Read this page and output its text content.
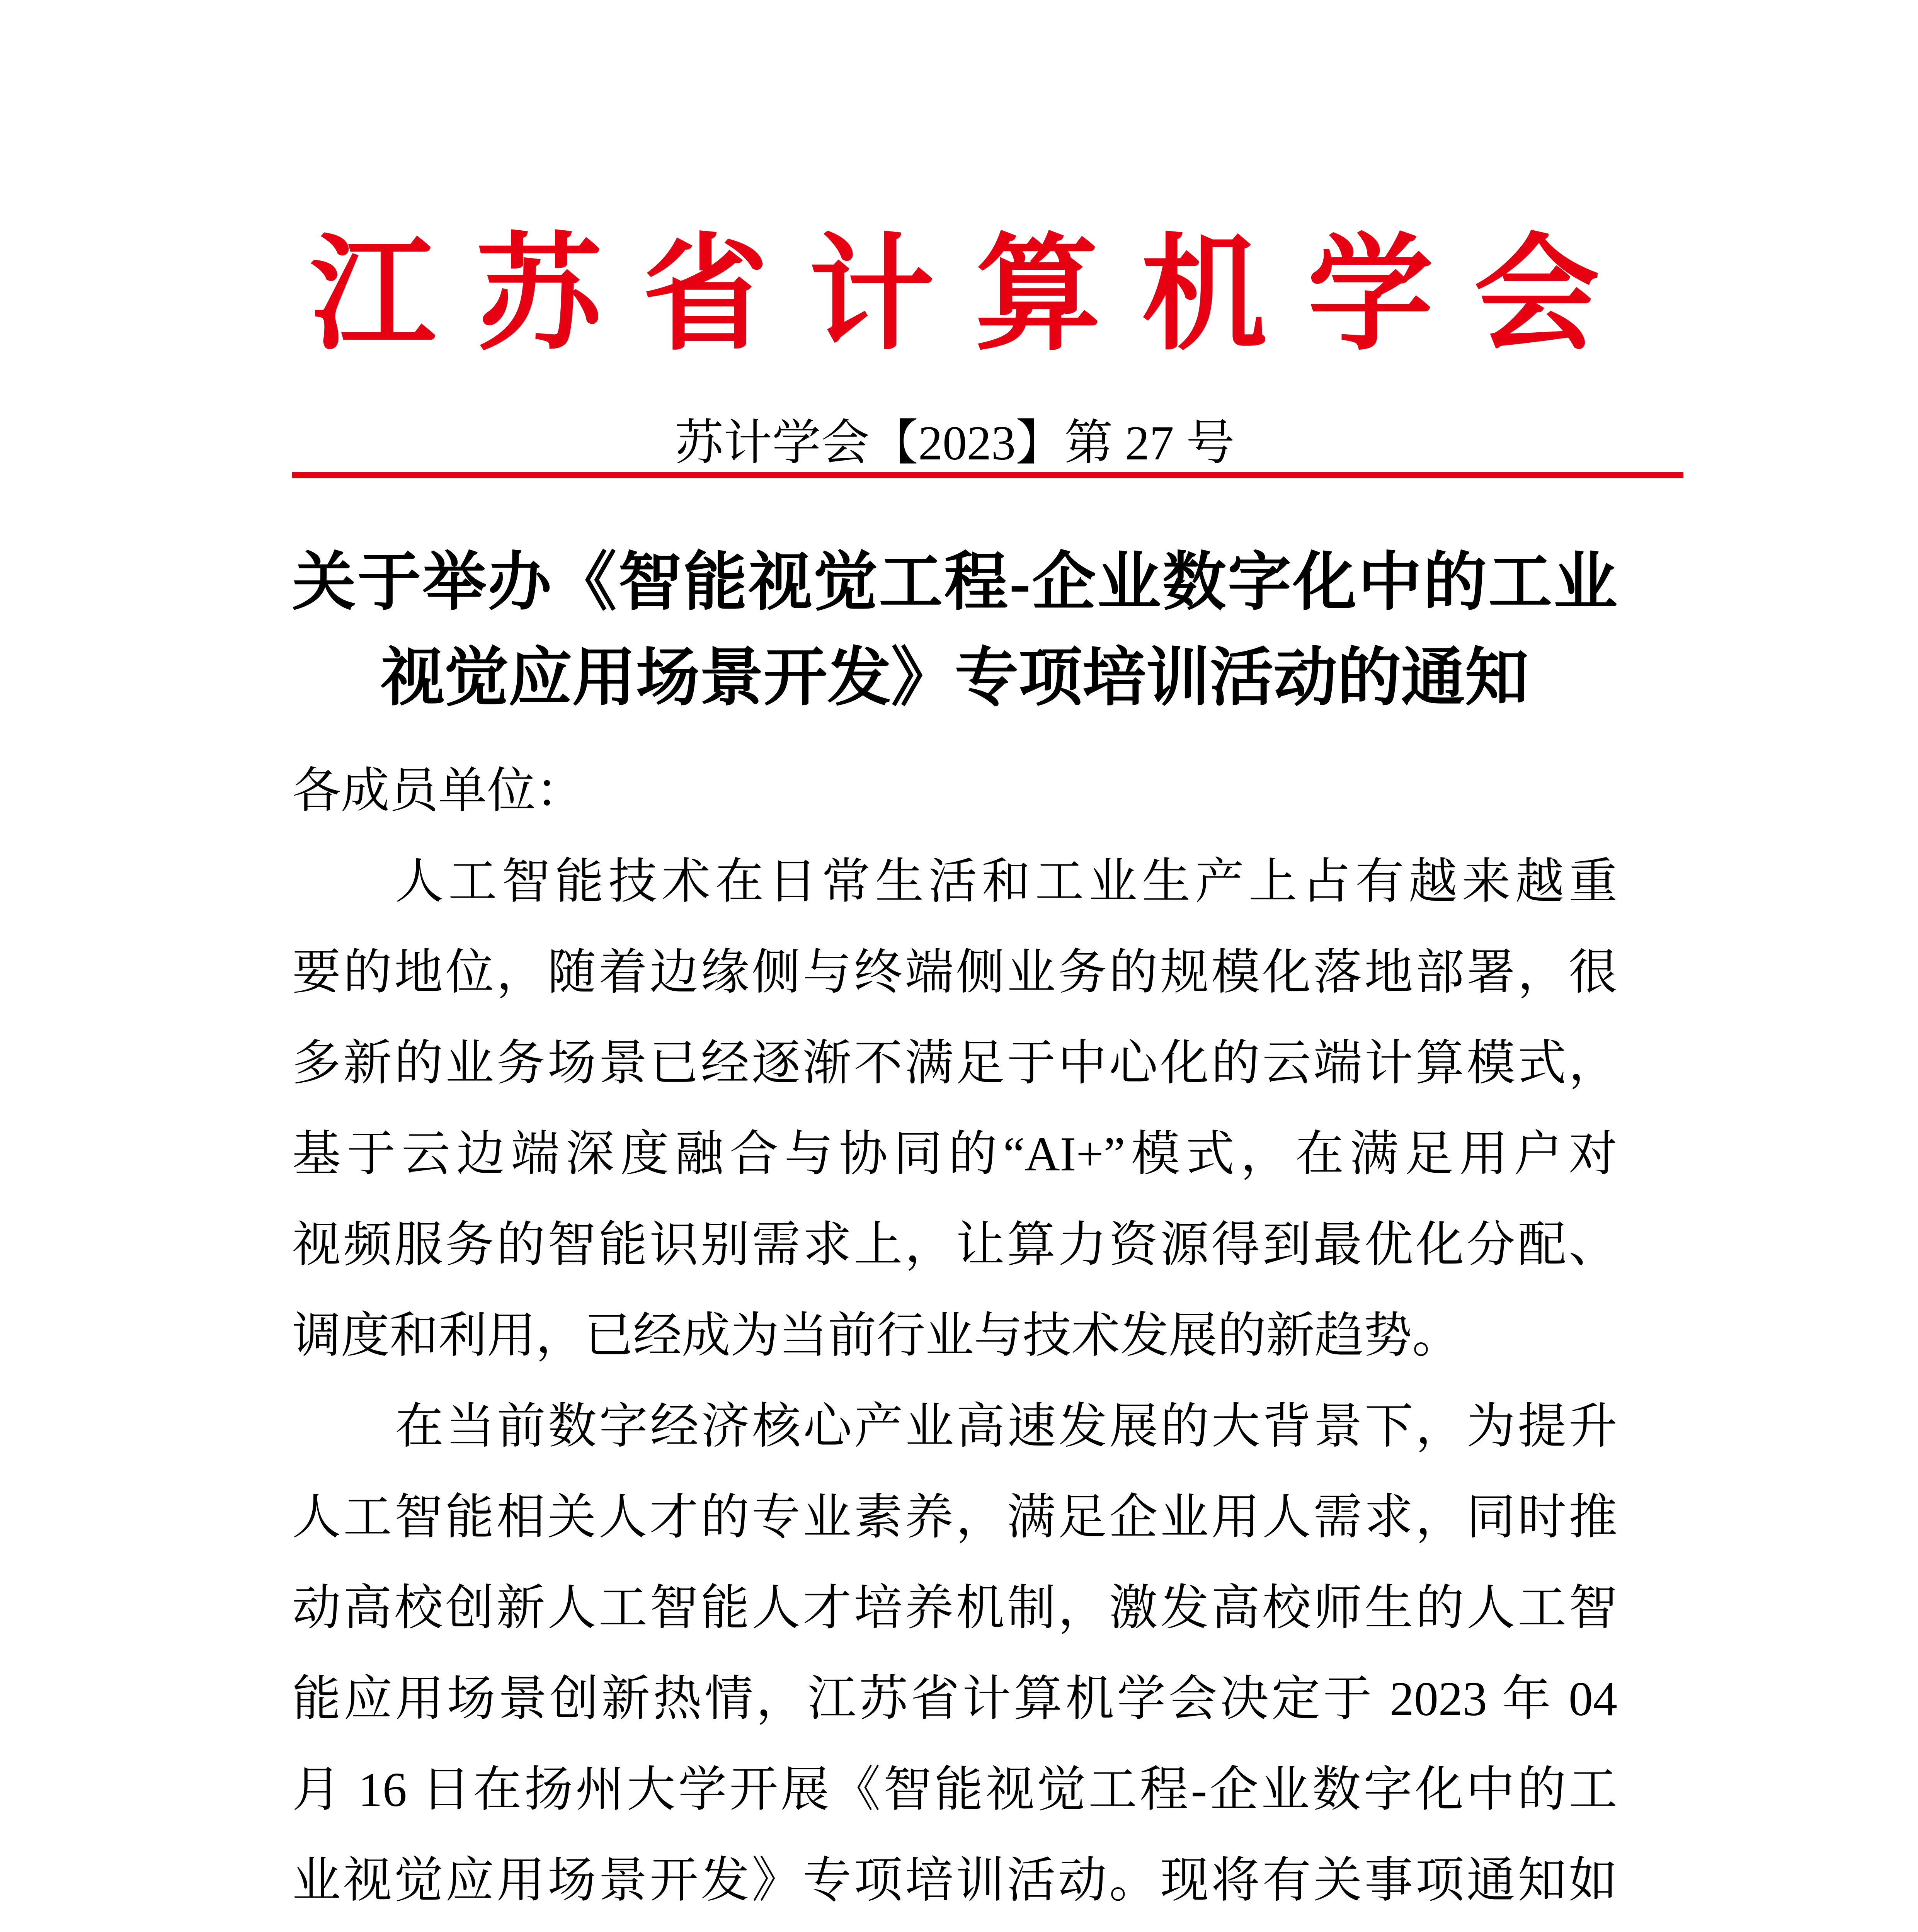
江 苏 省 计 算 机 学 会
苏计学会【2023】第 27 号
关于举办《智能视觉工程-企业数字化中的工业
视觉应用场景开发》专项培训活动的通知
各成员单位：
人工智能技术在日常生活和工业生产上占有越来越重
要的地位，随着边缘侧与终端侧业务的规模化落地部署，很
多新的业务场景已经逐渐不满足于中心化的云端计算模式，
基于云边端深度融合与协同的“AI+”模式，在满足用户对
视频服务的智能识别需求上，让算力资源得到最优化分配、
调度和利用，已经成为当前行业与技术发展的新趋势。
在当前数字经济核心产业高速发展的大背景下，为提升
人工智能相关人才的专业素养，满足企业用人需求，同时推
动高校创新人工智能人才培养机制，激发高校师生的人工智
能应用场景创新热情，江苏省计算机学会决定于 2023 年 04
月 16 日在扬州大学开展《智能视觉工程-企业数字化中的工
业视觉应用场景开发》专项培训活动。现将有关事项通知如
